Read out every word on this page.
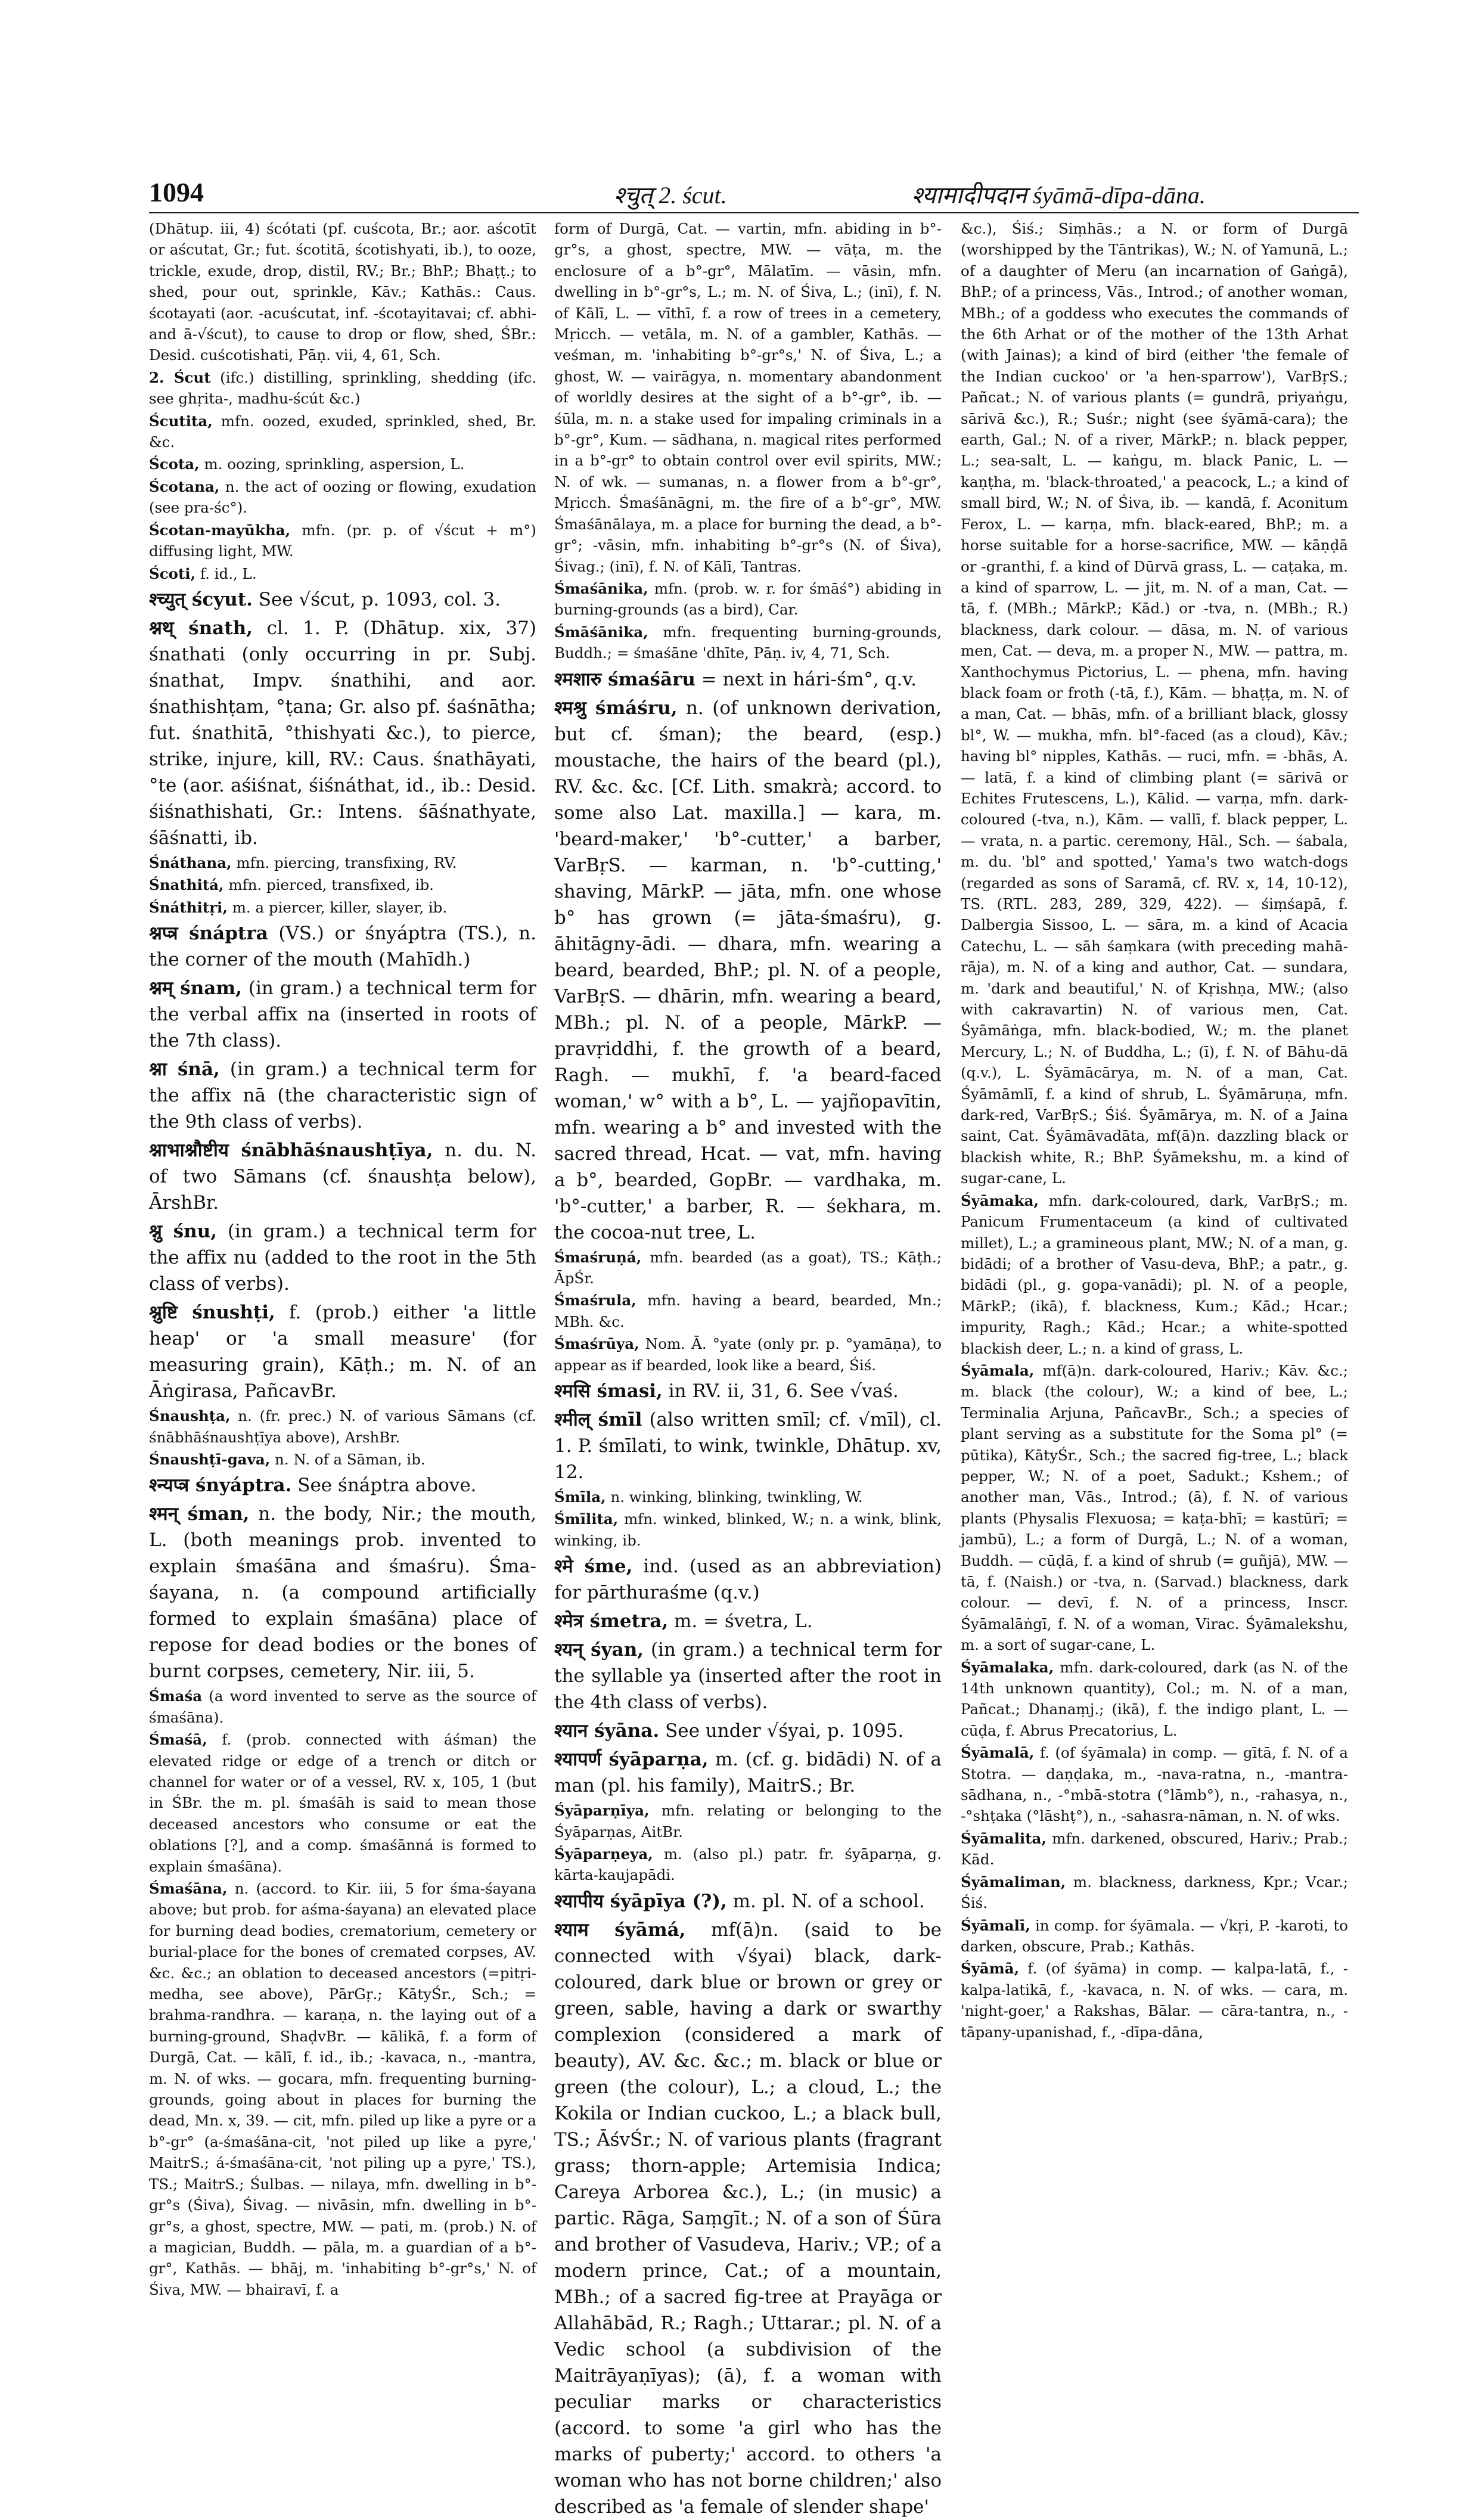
1094	श्चुत् 2. ścut.	श्यामादीपदान śyāmā-dīpa-dāna.

(Dhātup. iii, 4) ścótati (pf. cuścota, Br.; aor. aścotīt or aścutat, Gr.; fut. ścotitā, ścotishyati, ib.), to ooze, trickle, exude, drop, distil, RV.; Br.; BhP.; Bhaṭṭ.; to shed, pour out, sprinkle, Kāv.; Kathās.: Caus. ścotayati (aor. -acuścutat, inf. -ścotayitavai; cf. abhi- and ā-√ścut), to cause to drop or flow, shed, ŚBr.: Desid. cuścotishati, Pāṇ. vii, 4, 61, Sch.

2. Ścut (ifc.) distilling, sprinkling, shedding (ifc. see ghṛita-, madhu-ścút &c.)

Ścutita, mfn. oozed, exuded, sprinkled, shed, Br. &c.

Ścota, m. oozing, sprinkling, aspersion, L.

Ścotana, n. the act of oozing or flowing, exudation (see pra-śc°).

Ścotan-mayūkha, mfn. (pr. p. of √ścut + m°) diffusing light, MW.

Ścoti, f. id., L.

श्च्युत् ścyut. See √ścut, p. 1093, col. 3.

श्नथ् śnath, cl. 1. P. (Dhātup. xix, 37) śnathati (only occurring in pr. Subj. śnathat, Impv. śnathihi, and aor. śnathishṭam, °ṭana; Gr. also pf. śaśnātha; fut. śnathitā, °thishyati &c.), to pierce, strike, injure, kill, RV.: Caus. śnathāyati, °te (aor. aśiśnat, śiśnáthat, id., ib.: Desid. śiśnathishati, Gr.: Intens. śāśnathyate, śāśnatti, ib.

Śnáthana, mfn. piercing, transfixing, RV.

Śnathitá, mfn. pierced, transfixed, ib.

Śnáthitṛi, m. a piercer, killer, slayer, ib.

श्नप्त्र śnáptra (VS.) or śnyáptra (TS.), n. the corner of the mouth (Mahīdh.)

श्नम् śnam, (in gram.) a technical term for the verbal affix na (inserted in roots of the 7th class).

श्ना śnā, (in gram.) a technical term for the affix nā (the characteristic sign of the 9th class of verbs).

श्नाभाश्नौष्टीय śnābhāśnaushṭīya, n. du. N. of two Sāmans (cf. śnaushṭa below), ĀrshBr.

श्नु śnu, (in gram.) a technical term for the affix nu (added to the root in the 5th class of verbs).

श्नुष्टि śnushṭi, f. (prob.) either 'a little heap' or 'a small measure' (for measuring grain), Kāṭh.; m. N. of an Āṅgirasa, PañcavBr.

Śnaushṭa, n. (fr. prec.) N. of various Sāmans (cf. śnābhāśnaushṭīya above), ArshBr.

Śnaushṭī-gava, n. N. of a Sāman, ib.

श्न्यप्त्र śnyáptra. See śnáptra above.

श्मन् śman, n. the body, Nir.; the mouth, L. (both meanings prob. invented to explain śmaśāna and śmaśru). Śma-śayana, n. (a compound artificially formed to explain śmaśāna) place of repose for dead bodies or the bones of burnt corpses, cemetery, Nir. iii, 5.

Śmaśa (a word invented to serve as the source of śmaśāna).

Śmaśā, f. (prob. connected with áśman) the elevated ridge or edge of a trench or ditch or channel for water or of a vessel, RV. x, 105, 1 (but in ŚBr. the m. pl. śmaśāh is said to mean those deceased ancestors who consume or eat the oblations [?], and a comp. śmaśānná is formed to explain śmaśāna).

Śmaśāna, n. (accord. to Kir. iii, 5 for śma-śayana above; but prob. for aśma-śayana) an elevated place for burning dead bodies, crematorium, cemetery or burial-place for the bones of cremated corpses, AV. &c. &c.; an oblation to deceased ancestors (=pitṛi-medha, see above), PārGṛ.; KātyŚr., Sch.; = brahma-randhra. — karaṇa, n. the laying out of a burning-ground, ShaḍvBr. — kālikā, f. a form of Durgā, Cat. — kālī, f. id., ib.; -kavaca, n., -mantra, m. N. of wks. — gocara, mfn. frequenting burning-grounds, going about in places for burning the dead, Mn. x, 39. — cit, mfn. piled up like a pyre or a b°-gr° (a-śmaśāna-cit, 'not piled up like a pyre,' MaitrS.; á-śmaśāna-cit, 'not piling up a pyre,' TS.), TS.; MaitrS.; Śulbas. — nilaya, mfn. dwelling in b°-gr°s (Śiva), Śivag. — nivāsin, mfn. dwelling in b°-gr°s, a ghost, spectre, MW. — pati, m. (prob.) N. of a magician, Buddh. — pāla, m. a guardian of a b°-gr°, Kathās. — bhāj, m. 'inhabiting b°-gr°s,' N. of Śiva, MW. — bhairavī, f. a

form of Durgā, Cat. — vartin, mfn. abiding in b°-gr°s, a ghost, spectre, MW. — vāṭa, m. the enclosure of a b°-gr°, Mālatīm. — vāsin, mfn. dwelling in b°-gr°s, L.; m. N. of Śiva, L.; (inī), f. N. of Kālī, L. — vīthī, f. a row of trees in a cemetery, Mṛicch. — vetāla, m. N. of a gambler, Kathās. — veśman, m. 'inhabiting b°-gr°s,' N. of Śiva, L.; a ghost, W. — vairāgya, n. momentary abandonment of worldly desires at the sight of a b°-gr°, ib. — śūla, m. n. a stake used for impaling criminals in a b°-gr°, Kum. — sādhana, n. magical rites performed in a b°-gr° to obtain control over evil spirits, MW.; N. of wk. — sumanas, n. a flower from a b°-gr°, Mṛicch. Śmaśānāgni, m. the fire of a b°-gr°, MW. Śmaśānālaya, m. a place for burning the dead, a b°-gr°; -vāsin, mfn. inhabiting b°-gr°s (N. of Śiva), Śivag.; (inī), f. N. of Kālī, Tantras.

Śmaśānika, mfn. (prob. w. r. for śmāś°) abiding in burning-grounds (as a bird), Car.

Śmāśānika, mfn. frequenting burning-grounds, Buddh.; = śmaśāne 'dhīte, Pāṇ. iv, 4, 71, Sch.

श्मशारु śmaśāru = next in hári-śm°, q.v.

श्मश्रु śmáśru, n. (of unknown derivation, but cf. śman); the beard, (esp.) moustache, the hairs of the beard (pl.), RV. &c. &c. [Cf. Lith. smakrà; accord. to some also Lat. maxilla.] — kara, m. 'beard-maker,' 'b°-cutter,' a barber, VarBṛS. — karman, n. 'b°-cutting,' shaving, MārkP. — jāta, mfn. one whose b° has grown (= jāta-śmaśru), g. āhitāgny-ādi. — dhara, mfn. wearing a beard, bearded, BhP.; pl. N. of a people, VarBṛS. — dhārin, mfn. wearing a beard, MBh.; pl. N. of a people, MārkP. — pravṛiddhi, f. the growth of a beard, Ragh. — mukhī, f. 'a beard-faced woman,' w° with a b°, L. — yajñopavītin, mfn. wearing a b° and invested with the sacred thread, Hcat. — vat, mfn. having a b°, bearded, GopBr. — vardhaka, m. 'b°-cutter,' a barber, R. — śekhara, m. the cocoa-nut tree, L.

Śmaśruṇá, mfn. bearded (as a goat), TS.; Kāṭh.; ĀpŚr.

Śmaśrula, mfn. having a beard, bearded, Mn.; MBh. &c.

Śmaśrūya, Nom. Ā. °yate (only pr. p. °yamāṇa), to appear as if bearded, look like a beard, Śiś.

श्मसि śmasi, in RV. ii, 31, 6. See √vaś.

श्मील् śmīl (also written smīl; cf. √mīl), cl. 1. P. śmīlati, to wink, twinkle, Dhātup. xv, 12.

Śmīla, n. winking, blinking, twinkling, W.

Śmīlita, mfn. winked, blinked, W.; n. a wink, blink, winking, ib.

श्मे śme, ind. (used as an abbreviation) for pārthuraśme (q.v.)

श्मेत्र śmetra, m. = śvetra, L.

श्यन् śyan, (in gram.) a technical term for the syllable ya (inserted after the root in the 4th class of verbs).

श्यान śyāna. See under √śyai, p. 1095.

श्यापर्ण śyāparṇa, m. (cf. g. bidādi) N. of a man (pl. his family), MaitrS.; Br.

Śyāparṇīya, mfn. relating or belonging to the Śyāparṇas, AitBr.

Śyāparṇeya, m. (also pl.) patr. fr. śyāparṇa, g. kārta-kaujapādi.

श्यापीय śyāpīya (?), m. pl. N. of a school.

श्याम śyāmá, mf(ā)n. (said to be connected with √śyai) black, dark-coloured, dark blue or brown or grey or green, sable, having a dark or swarthy complexion (considered a mark of beauty), AV. &c. &c.; m. black or blue or green (the colour), L.; a cloud, L.; the Kokila or Indian cuckoo, L.; a black bull, TS.; ĀśvŚr.; N. of various plants (fragrant grass; thorn-apple; Artemisia Indica; Careya Arborea &c.), L.; (in music) a partic. Rāga, Saṃgīt.; N. of a son of Śūra and brother of Vasudeva, Hariv.; VP.; of a modern prince, Cat.; of a mountain, MBh.; of a sacred fig-tree at Prayāga or Allahābād, R.; Ragh.; Uttarar.; pl. N. of a Vedic school (a subdivision of the Maitrāyaṇīyas); (ā), f. a woman with peculiar marks or characteristics (accord. to some 'a girl who has the marks of puberty;' accord. to others 'a woman who has not borne children;' also described as 'a female of slender shape'

&c.), Śiś.; Siṃhās.; a N. or form of Durgā (worshipped by the Tāntrikas), W.; N. of Yamunā, L.; of a daughter of Meru (an incarnation of Gaṅgā), BhP.; of a princess, Vās., Introd.; of another woman, MBh.; of a goddess who executes the commands of the 6th Arhat or of the mother of the 13th Arhat (with Jainas); a kind of bird (either 'the female of the Indian cuckoo' or 'a hen-sparrow'), VarBṛS.; Pañcat.; N. of various plants (= gundrā, priyaṅgu, sārivā &c.), R.; Suśr.; night (see śyāmā-cara); the earth, Gal.; N. of a river, MārkP.; n. black pepper, L.; sea-salt, L. — kaṅgu, m. black Panic, L. — kaṇṭha, m. 'black-throated,' a peacock, L.; a kind of small bird, W.; N. of Śiva, ib. — kandā, f. Aconitum Ferox, L. — karṇa, mfn. black-eared, BhP.; m. a horse suitable for a horse-sacrifice, MW. — kāṇḍā or -granthi, f. a kind of Dūrvā grass, L. — caṭaka, m. a kind of sparrow, L. — jit, m. N. of a man, Cat. — tā, f. (MBh.; MārkP.; Kād.) or -tva, n. (MBh.; R.) blackness, dark colour. — dāsa, m. N. of various men, Cat. — deva, m. a proper N., MW. — pattra, m. Xanthochymus Pictorius, L. — phena, mfn. having black foam or froth (-tā, f.), Kām. — bhaṭṭa, m. N. of a man, Cat. — bhās, mfn. of a brilliant black, glossy bl°, W. — mukha, mfn. bl°-faced (as a cloud), Kāv.; having bl° nipples, Kathās. — ruci, mfn. = -bhās, A. — latā, f. a kind of climbing plant (= sārivā or Echites Frutescens, L.), Kālid. — varṇa, mfn. dark-coloured (-tva, n.), Kām. — vallī, f. black pepper, L. — vrata, n. a partic. ceremony, Hāl., Sch. — śabala, m. du. 'bl° and spotted,' Yama's two watch-dogs (regarded as sons of Saramā, cf. RV. x, 14, 10-12), TS. (RTL. 283, 289, 329, 422). — śiṃśapā, f. Dalbergia Sissoo, L. — sāra, m. a kind of Acacia Catechu, L. — sāh śaṃkara (with preceding mahā-rāja), m. N. of a king and author, Cat. — sundara, m. 'dark and beautiful,' N. of Kṛishṇa, MW.; (also with cakravartin) N. of various men, Cat. Śyāmāṅga, mfn. black-bodied, W.; m. the planet Mercury, L.; N. of Buddha, L.; (ī), f. N. of Bāhu-dā (q.v.), L. Śyāmācārya, m. N. of a man, Cat. Śyāmāmlī, f. a kind of shrub, L. Śyāmāruṇa, mfn. dark-red, VarBṛS.; Śiś. Śyāmārya, m. N. of a Jaina saint, Cat. Śyāmāvadāta, mf(ā)n. dazzling black or blackish white, R.; BhP. Śyāmekshu, m. a kind of sugar-cane, L.

Śyāmaka, mfn. dark-coloured, dark, VarBṛS.; m. Panicum Frumentaceum (a kind of cultivated millet), L.; a gramineous plant, MW.; N. of a man, g. bidādi; of a brother of Vasu-deva, BhP.; a patr., g. bidādi (pl., g. gopa-vanādi); pl. N. of a people, MārkP.; (ikā), f. blackness, Kum.; Kād.; Hcar.; impurity, Ragh.; Kād.; Hcar.; a white-spotted blackish deer, L.; n. a kind of grass, L.

Śyāmala, mf(ā)n. dark-coloured, Hariv.; Kāv. &c.; m. black (the colour), W.; a kind of bee, L.; Terminalia Arjuna, PañcavBr., Sch.; a species of plant serving as a substitute for the Soma pl° (= pūtika), KātyŚr., Sch.; the sacred fig-tree, L.; black pepper, W.; N. of a poet, Sadukt.; Kshem.; of another man, Vās., Introd.; (ā), f. N. of various plants (Physalis Flexuosa; = kaṭa-bhī; = kastūrī; = jambū), L.; a form of Durgā, L.; N. of a woman, Buddh. — cūḍā, f. a kind of shrub (= guñjā), MW. — tā, f. (Naish.) or -tva, n. (Sarvad.) blackness, dark colour. — devī, f. N. of a princess, Inscr. Śyāmalāṅgī, f. N. of a woman, Virac. Śyāmalekshu, m. a sort of sugar-cane, L.

Śyāmalaka, mfn. dark-coloured, dark (as N. of the 14th unknown quantity), Col.; m. N. of a man, Pañcat.; Dhanaṃj.; (ikā), f. the indigo plant, L. — cūḍa, f. Abrus Precatorius, L.

Śyāmalā, f. (of śyāmala) in comp. — gītā, f. N. of a Stotra. — daṇḍaka, m., -nava-ratna, n., -mantra-sādhana, n., -°mbā-stotra (°lāmb°), n., -rahasya, n., -°shṭaka (°lāshṭ°), n., -sahasra-nāman, n. N. of wks.

Śyāmalita, mfn. darkened, obscured, Hariv.; Prab.; Kād.

Śyāmaliman, m. blackness, darkness, Kpr.; Vcar.; Śiś.

Śyāmalī, in comp. for śyāmala. — √kṛi, P. -karoti, to darken, obscure, Prab.; Kathās.

Śyāmā, f. (of śyāma) in comp. — kalpa-latā, f., -kalpa-latikā, f., -kavaca, n. N. of wks. — cara, m. 'night-goer,' a Rakshas, Bālar. — cāra-tantra, n., -tāpany-upanishad, f., -dīpa-dāna,
